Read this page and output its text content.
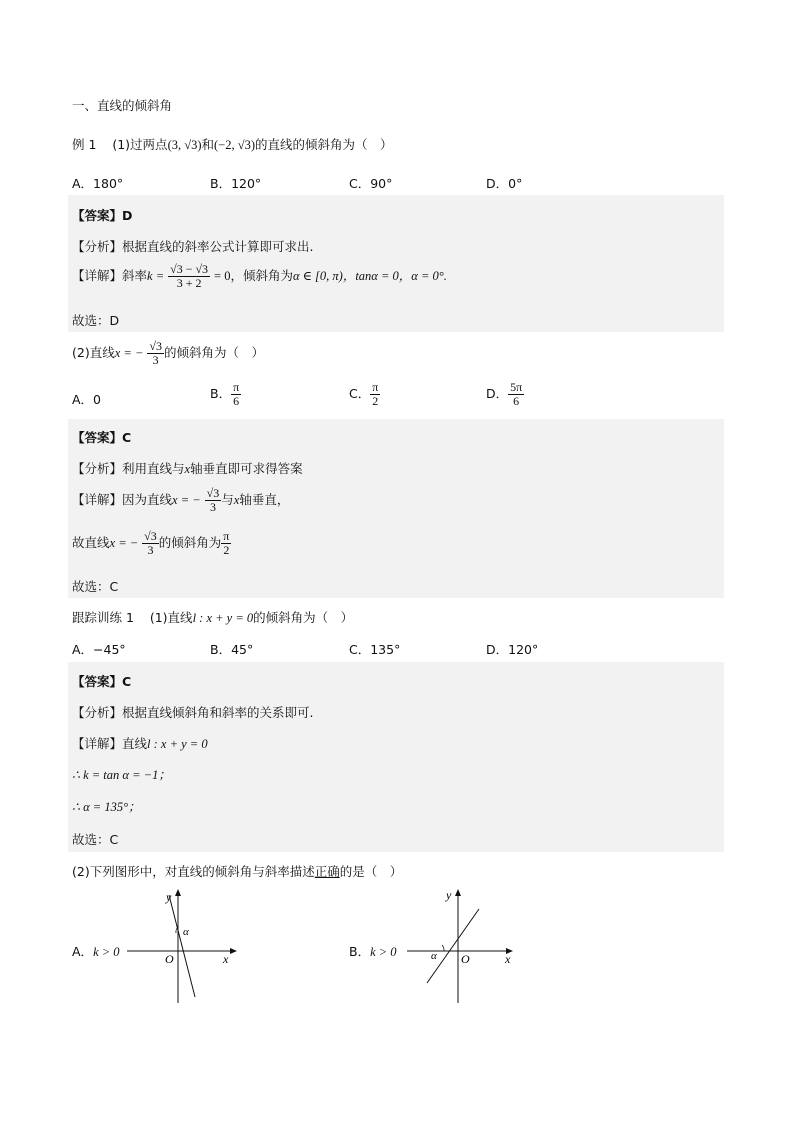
一、直线的倾斜角
例 1 (1)过两点(3, √3)和(−2, √3)的直线的倾斜角为（　）
A．180°	B．120°	C．90°	D．0°
【答案】D
【分析】根据直线的斜率公式计算即可求出.
【详解】斜率$k = \frac{√3 - √3}{3 + 2} = 0$，倾斜角为α ∈ [0, π)，tanα = 0，α = 0°.
故选：D
(2)直线x = − $\frac{√3}{3}$ 的倾斜角为（　）
A．0	B． $\frac{\pi}{6}$	C． $\frac{\pi}{2}$	D． $\frac{5\pi}{6}$
【答案】C
【分析】利用直线与x轴垂直即可求得答案
【详解】因为直线x = − $\frac{√3}{3}$ 与x轴垂直，
故直线x = − $\frac{√3}{3}$ 的倾斜角为 $\frac{\pi}{2}$
故选：C
跟踪训练 1 (1)直线l : x + y = 0的倾斜角为（　）
A．−45°	B．45°	C．135°	D．120°
【答案】C
【分析】根据直线倾斜角和斜率的关系即可.
【详解】直线l : x + y = 0
∴ k = tan α = −1；
∴ α = 135°；
故选：C
(2)下列图形中，对直线的倾斜角与斜率描述正确的是（　）
A．k > 0
y
x
O
α
B．k > 0
y
x
O
α
